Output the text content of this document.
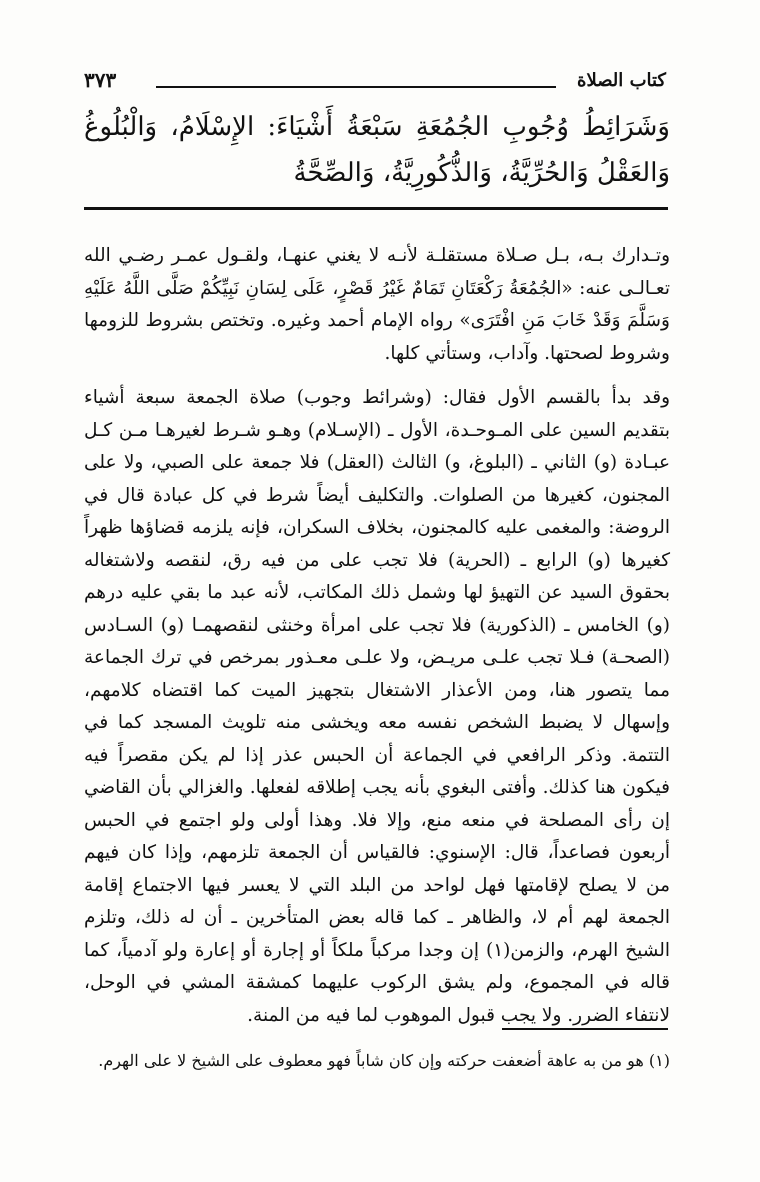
كتاب الصلاة
٣٧٣
وَشَرَائِطُ وُجُوبِ الجُمُعَةِ سَبْعَةُ أَشْيَاءَ: الإِسْلَامُ، وَالْبُلُوغُ وَالعَقْلُ وَالحُرِّيَّةُ، وَالذُّكُورِيَّةُ، وَالصِّحَّةُ

وتـدارك بـه، بـل صـلاة مستقلـة لأنـه لا يغني عنهـا، ولقـول عمـر رضـي الله تعـالـى عنه: «الجُمُعَةُ رَكْعَتَانِ تَمَامٌ غَيْرُ قَصْرٍ، عَلَى لِسَانِ نَبِيِّكُمْ صَلَّى اللَّهُ عَلَيْهِ وَسَلَّمَ وَقَدْ خَابَ مَنِ افْتَرَى» رواه الإمام أحمد وغيره. وتختص بشروط للزومها وشروط لصحتها. وآداب، وستأتي كلها.

وقد بدأ بالقسم الأول فقال: (وشرائط وجوب) صلاة الجمعة سبعة أشياء بتقديم السين على المـوحـدة، الأول ـ (الإسـلام) وهـو شـرط لغيرهـا مـن كـل عبـادة (و) الثاني ـ (البلوغ، و) الثالث (العقل) فلا جمعة على الصبي، ولا على المجنون، كغيرها من الصلوات. والتكليف أيضاً شرط في كل عبادة قال في الروضة: والمغمى عليه كالمجنون، بخلاف السكران، فإنه يلزمه قضاؤها ظهراً كغيرها (و) الرابع ـ (الحرية) فلا تجب على من فيه رق، لنقصه ولاشتغاله بحقوق السيد عن التهيؤ لها وشمل ذلك المكاتب، لأنه عبد ما بقي عليه درهم (و) الخامس ـ (الذكورية) فلا تجب على امرأة وخنثى لنقصهمـا (و) السـادس (الصحـة) فـلا تجب علـى مريـض، ولا علـى معـذور بمرخص في ترك الجماعة مما يتصور هنا، ومن الأعذار الاشتغال بتجهيز الميت كما اقتضاه كلامهم، وإسهال لا يضبط الشخص نفسه معه ويخشى منه تلويث المسجد كما في التتمة. وذكر الرافعي في الجماعة أن الحبس عذر إذا لم يكن مقصراً فيه فيكون هنا كذلك. وأفتى البغوي بأنه يجب إطلاقه لفعلها. والغزالي بأن القاضي إن رأى المصلحة في منعه منع، وإلا فلا. وهذا أولى ولو اجتمع في الحبس أربعون فصاعداً، قال: الإسنوي: فالقياس أن الجمعة تلزمهم، وإذا كان فيهم من لا يصلح لإقامتها فهل لواحد من البلد التي لا يعسر فيها الاجتماع إقامة الجمعة لهم أم لا، والظاهر ـ كما قاله بعض المتأخرين ـ أن له ذلك، وتلزم الشيخ الهرم، والزمن(١) إن وجدا مركباً ملكاً أو إجارة أو إعارة ولو آدمياً، كما قاله في المجموع، ولم يشق الركوب عليهما كمشقة المشي في الوحل، لانتفاء الضرر. ولا يجب قبول الموهوب لما فيه من المنة.

(١) هو من به عاهة أضعفت حركته وإن كان شاباً فهو معطوف على الشيخ لا على الهرم.
